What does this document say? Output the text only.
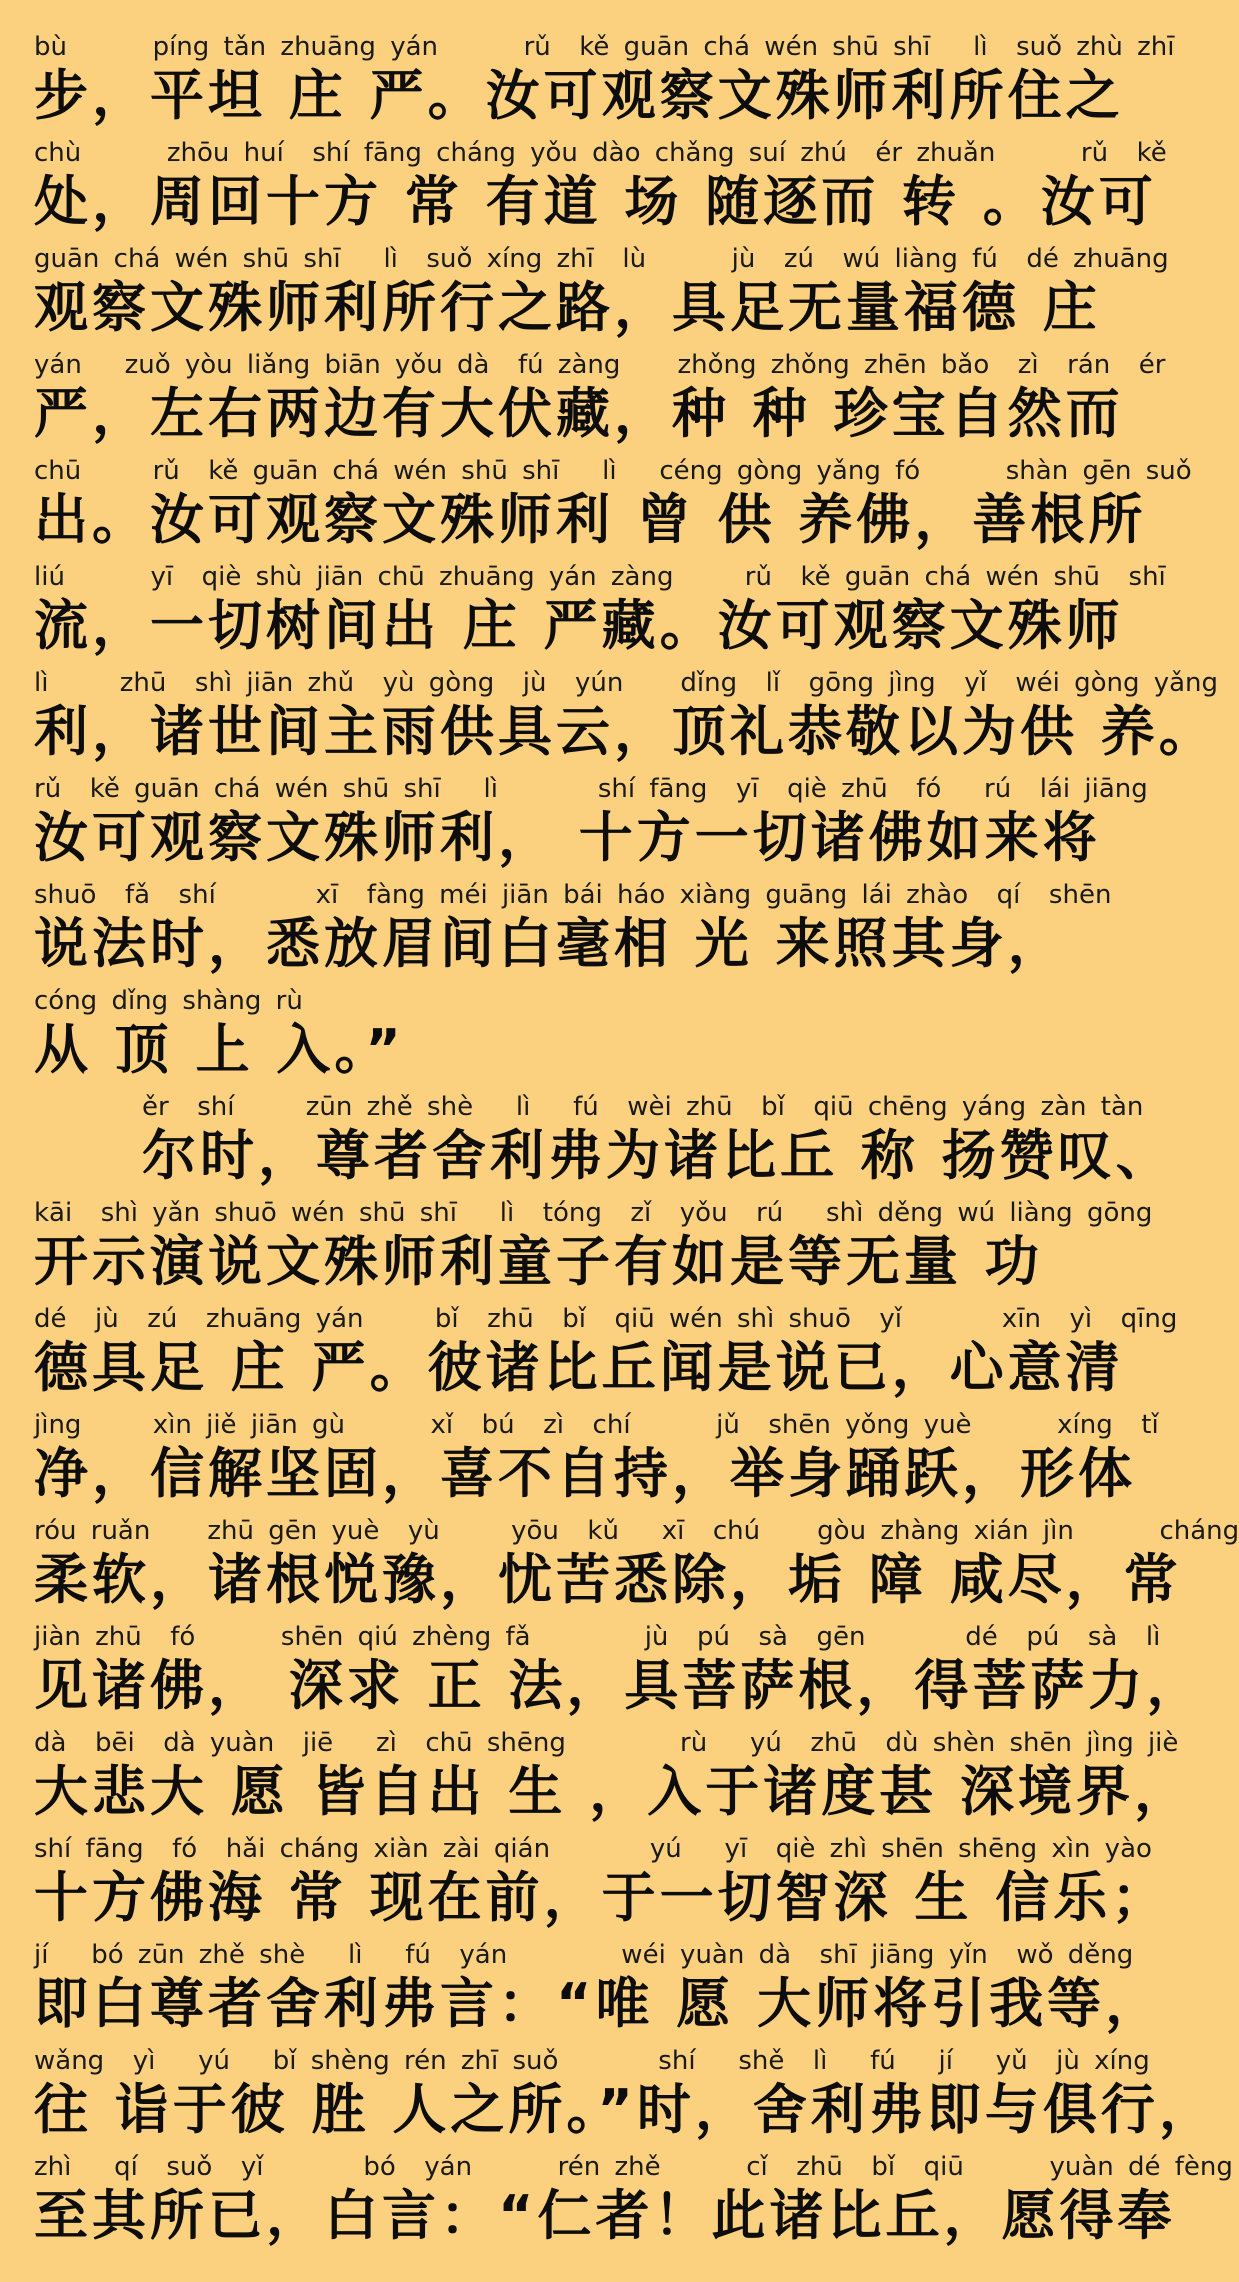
bù      píng tǎn zhuāng yán      rǔ  kě guān chá wén shū shī   lì  suǒ zhù zhī
步，平坦 庄 严。汝可观察文殊师利所住之
chù      zhōu huí  shí fāng cháng yǒu dào chǎng suí zhú  ér zhuǎn      rǔ  kě
处，周回十方 常 有道 场 随逐而 转 。汝可
guān chá wén shū shī   lì  suǒ xíng zhī  lù      jù  zú  wú liàng fú  dé zhuāng
观察文殊师利所行之路，具足无量福德 庄
yán   zuǒ yòu liǎng biān yǒu dà  fú zàng    zhǒng zhǒng zhēn bǎo  zì  rán  ér
严，左右两边有大伏藏，种 种 珍宝自然而
chū     rǔ  kě guān chá wén shū shī   lì   céng gòng yǎng fó      shàn gēn suǒ
出。汝可观察文殊师利 曾 供 养佛，善根所
liú      yī  qiè shù jiān chū zhuāng yán zàng     rǔ  kě guān chá wén shū  shī
流，一切树间出 庄 严藏。汝可观察文殊师
lì     zhū  shì jiān zhǔ  yù gòng  jù  yún    dǐng  lǐ  gōng jìng  yǐ  wéi gòng yǎng
利，诸世间主雨供具云，顶礼恭敬以为供 养。
rǔ  kě guān chá wén shū shī   lì       shí fāng  yī  qiè zhū  fó   rú  lái jiāng
汝可观察文殊师利， 十方一切诸佛如来将
shuō  fǎ  shí       xī  fàng méi jiān bái háo xiàng guāng lái zhào  qí  shēn
说法时，悉放眉间白毫相 光 来照其身，
cóng dǐng shàng rù
从 顶 上 入。”
ěr  shí     zūn zhě shè   lì   fú  wèi zhū  bǐ  qiū chēng yáng zàn tàn
尔时，尊者舍利弗为诸比丘 称 扬赞叹、
kāi  shì yǎn shuō wén shū shī   lì  tóng  zǐ  yǒu  rú   shì děng wú liàng gōng
开示演说文殊师利童子有如是等无量 功
dé  jù  zú  zhuāng yán     bǐ  zhū  bǐ  qiū wén shì shuō  yǐ       xīn  yì  qīng
德具足 庄 严。彼诸比丘闻是说已，心意清
jìng     xìn jiě jiān gù      xǐ  bú  zì  chí      jǔ  shēn yǒng yuè      xíng  tǐ
净，信解坚固，喜不自持，举身踊跃，形体
róu ruǎn    zhū gēn yuè  yù     yōu  kǔ   xī  chú    gòu zhàng xián jìn      cháng
柔软，诸根悦豫，忧苦悉除，垢 障 咸尽，常
jiàn zhū  fó      shēn qiú zhèng fǎ        jù  pú  sà  gēn       dé  pú  sà  lì
见诸佛， 深求 正 法，具菩萨根，得菩萨力，
dà  bēi  dà yuàn  jiē   zì  chū shēng        rù   yú  zhū  dù shèn shēn jìng jiè
大悲大 愿 皆自出 生 ，入于诸度甚 深境界，
shí fāng  fó  hǎi cháng xiàn zài qián       yú   yī  qiè zhì shēn shēng xìn yào
十方佛海 常 现在前，于一切智深 生 信乐；
jí   bó zūn zhě shè   lì   fú  yán        wéi yuàn dà  shī jiāng yǐn  wǒ děng
即白尊者舍利弗言：“唯 愿 大师将引我等，
wǎng  yì   yú   bǐ shèng rén zhī suǒ       shí   shě  lì   fú   jí   yǔ  jù xíng
往 诣于彼 胜 人之所。”时，舍利弗即与俱行，
zhì   qí  suǒ  yǐ       bó  yán      rén zhě      cǐ  zhū  bǐ  qiū      yuàn dé fèng
至其所已，白言：“仁者！此诸比丘，愿得奉
